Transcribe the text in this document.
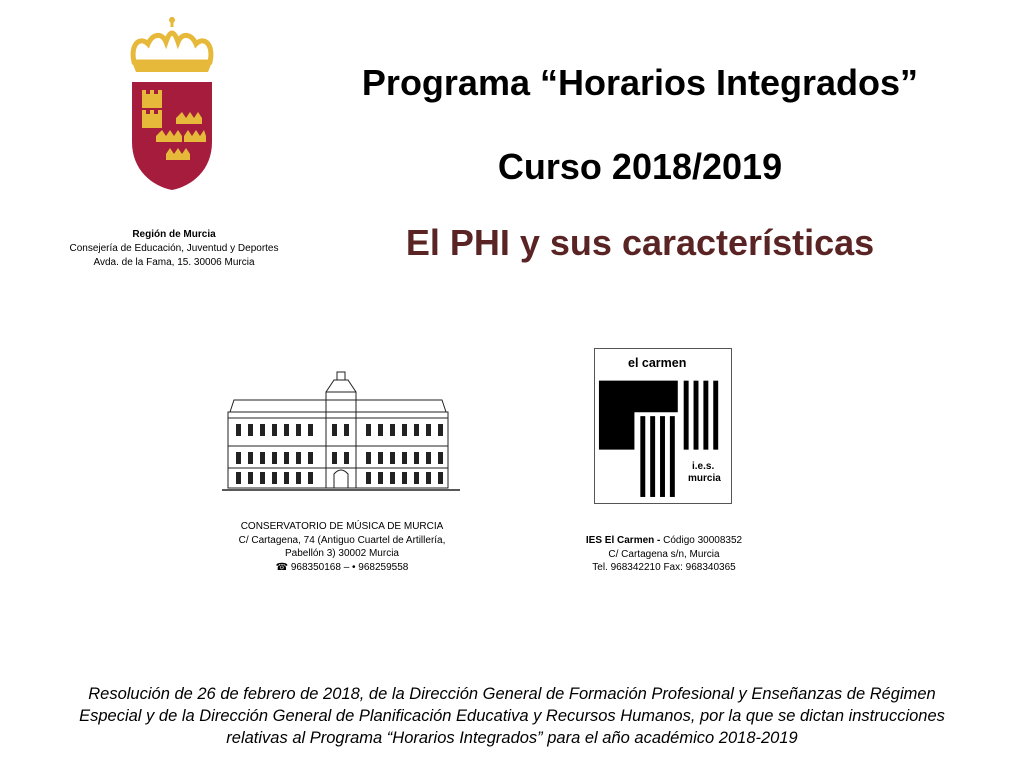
Región de Murcia
Consejería de Educación, Juventud y Deportes
Avda. de la Fama, 15. 30006 Murcia
Programa “Horarios Integrados”
Curso 2018/2019
El PHI y sus características
CONSERVATORIO DE MÚSICA DE MURCIA
C/ Cartagena, 74 (Antiguo Cuartel de Artillería,
Pabellón 3) 30002 Murcia
☎ 968350168 – • 968259558
el carmen
i.e.s.
murcia
IES El Carmen - Código 30008352
C/ Cartagena s/n, Murcia
Tel. 968342210 Fax: 968340365
Resolución de 26 de febrero de 2018, de la Dirección General de Formación Profesional y Enseñanzas de Régimen
Especial y de la Dirección General de Planificación Educativa y Recursos Humanos, por la que se dictan instrucciones
relativas al Programa “Horarios Integrados” para el año académico 2018-2019
